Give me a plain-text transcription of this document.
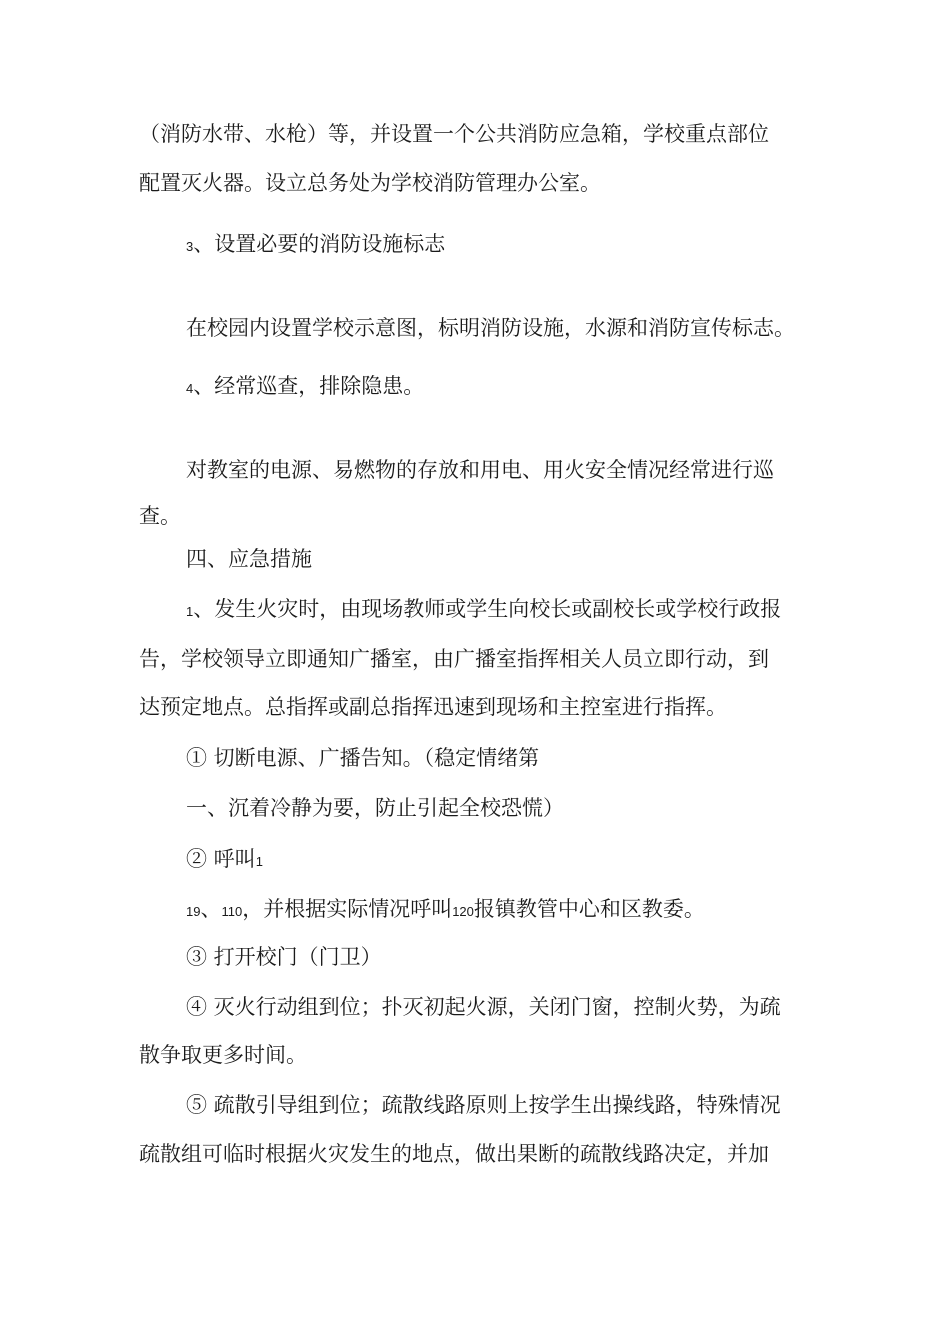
（消防水带、水枪）等，并设置一个公共消防应急箱，学校重点部位
配置灭火器。设立总务处为学校消防管理办公室。
3、设置必要的消防设施标志
在校园内设置学校示意图，标明消防设施，水源和消防宣传标志。
4、经常巡查，排除隐患。
对教室的电源、易燃物的存放和用电、用火安全情况经常进行巡
查。
四、应急措施
1、发生火灾时，由现场教师或学生向校长或副校长或学校行政报
告，学校领导立即通知广播室，由广播室指挥相关人员立即行动，到
达预定地点。总指挥或副总指挥迅速到现场和主控室进行指挥。
① 切断电源、广播告知。（稳定情绪第
一、沉着冷静为要，防止引起全校恐慌）
② 呼叫1
19、110，并根据实际情况呼叫120报镇教管中心和区教委。
③ 打开校门（门卫）
④ 灭火行动组到位；扑灭初起火源，关闭门窗，控制火势，为疏
散争取更多时间。
⑤ 疏散引导组到位；疏散线路原则上按学生出操线路，特殊情况
疏散组可临时根据火灾发生的地点，做出果断的疏散线路决定，并加
